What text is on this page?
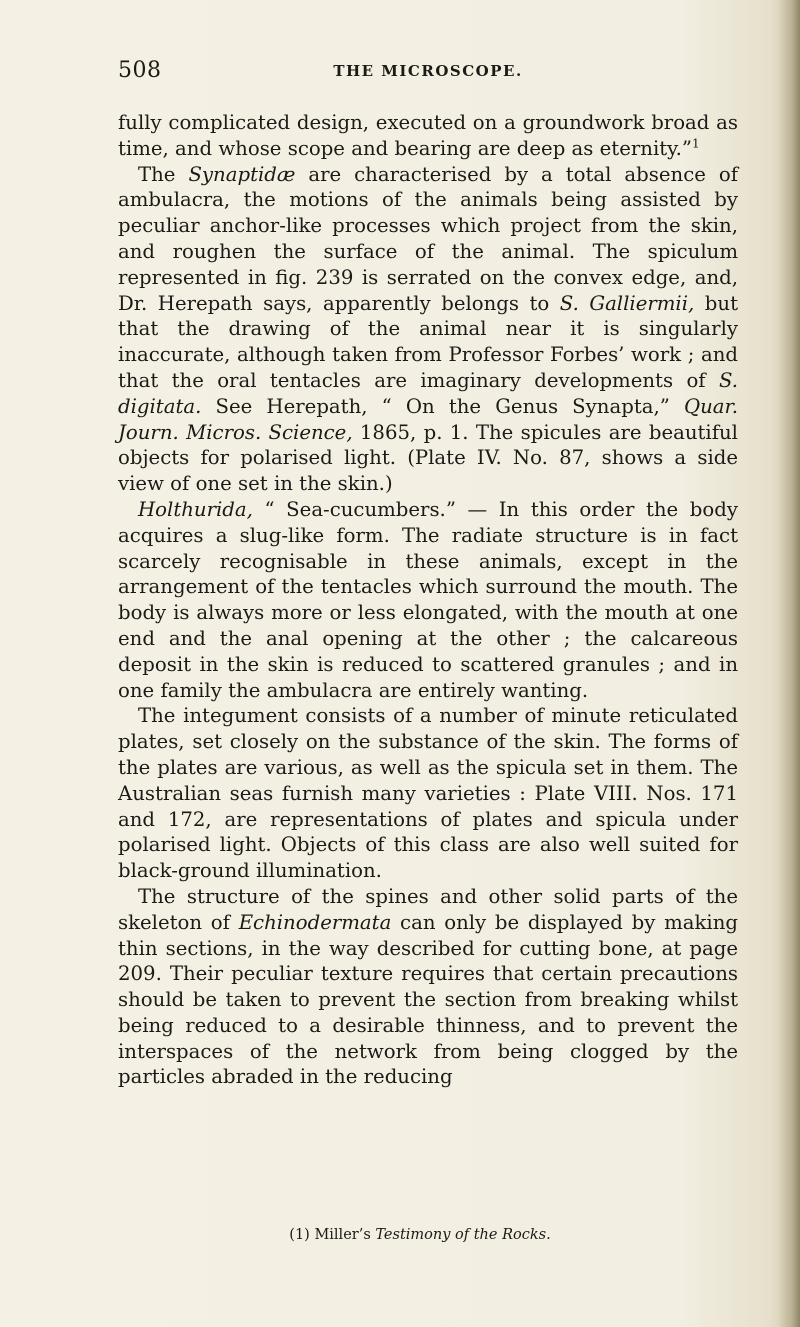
508	THE MICROSCOPE.

fully complicated design, executed on a groundwork broad as time, and whose scope and bearing are deep as eternity.”$^1$

The Synaptidæ are characterised by a total absence of ambulacra, the motions of the animals being assisted by peculiar anchor-like processes which project from the skin, and roughen the surface of the animal. The spiculum represented in fig. 239 is serrated on the convex edge, and, Dr. Herepath says, apparently belongs to S. Galliermii, but that the drawing of the animal near it is singularly inaccurate, although taken from Professor Forbes’ work ; and that the oral tentacles are imaginary developments of S. digitata. See Herepath, “ On the Genus Synapta,” Quar. Journ. Micros. Science, 1865, p. 1. The spicules are beautiful objects for polarised light. (Plate IV. No. 87, shows a side view of one set in the skin.)

Holthurida, “ Sea-cucumbers.” — In this order the body acquires a slug-like form. The radiate structure is in fact scarcely recognisable in these animals, except in the arrangement of the tentacles which surround the mouth. The body is always more or less elongated, with the mouth at one end and the anal opening at the other ; the calcareous deposit in the skin is reduced to scattered granules ; and in one family the ambulacra are entirely wanting.

The integument consists of a number of minute reticulated plates, set closely on the substance of the skin. The forms of the plates are various, as well as the spicula set in them. The Australian seas furnish many varieties : Plate VIII. Nos. 171 and 172, are representations of plates and spicula under polarised light. Objects of this class are also well suited for black-ground illumination.

The structure of the spines and other solid parts of the skeleton of Echinodermata can only be displayed by making thin sections, in the way described for cutting bone, at page 209. Their peculiar texture requires that certain precautions should be taken to prevent the section from breaking whilst being reduced to a desirable thinness, and to prevent the interspaces of the network from being clogged by the particles abraded in the reducing

(1) Miller’s Testimony of the Rocks.
